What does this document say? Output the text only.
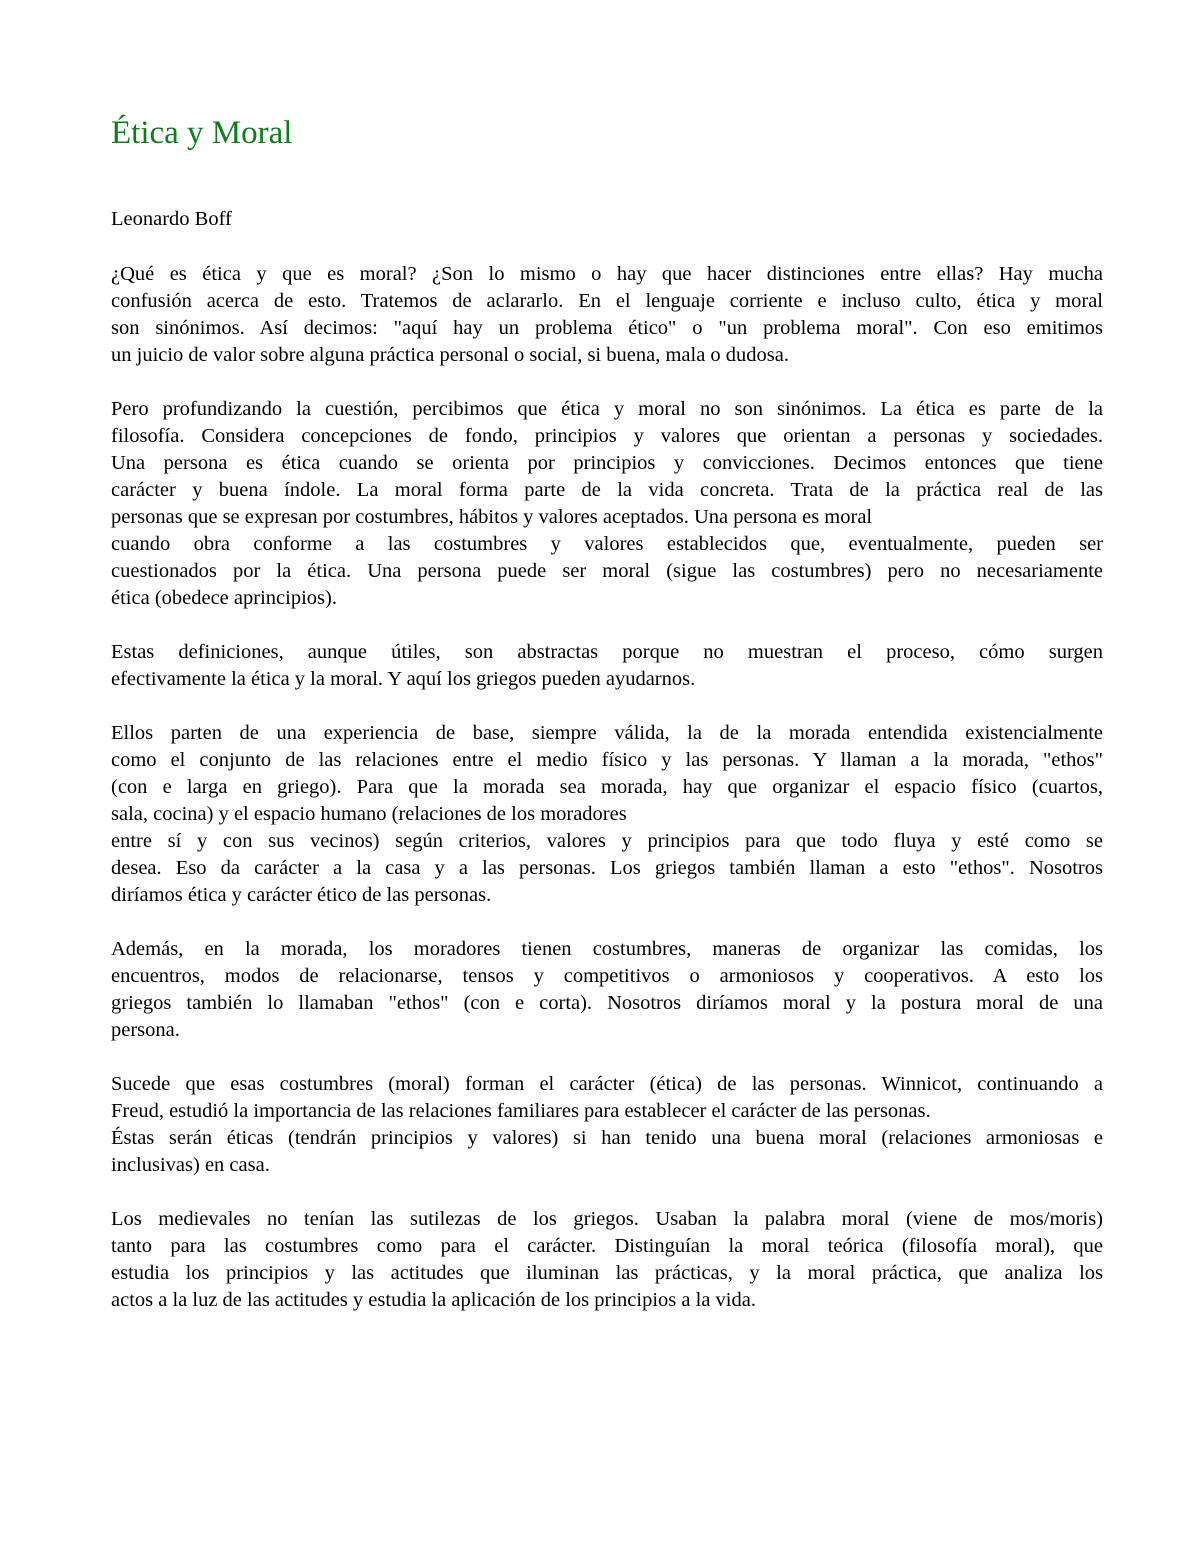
Ética y Moral

Leonardo Boff

¿Qué es ética y que es moral? ¿Son lo mismo o hay que hacer distinciones entre ellas? Hay mucha
confusión acerca de esto. Tratemos de aclararlo. En el lenguaje corriente e incluso culto, ética y moral
son sinónimos. Así decimos: "aquí hay un problema ético" o "un problema moral". Con eso emitimos
un juicio de valor sobre alguna práctica personal o social, si buena, mala o dudosa.

Pero profundizando la cuestión, percibimos que ética y moral no son sinónimos. La ética es parte de la
filosofía. Considera concepciones de fondo, principios y valores que orientan a personas y sociedades.
Una persona es ética cuando se orienta por principios y convicciones. Decimos entonces que tiene
carácter y buena índole. La moral forma parte de la vida concreta. Trata de la práctica real de las
personas que se expresan por costumbres, hábitos y valores aceptados. Una persona es moral
cuando obra conforme a las costumbres y valores establecidos que, eventualmente, pueden ser
cuestionados por la ética. Una persona puede ser moral (sigue las costumbres) pero no necesariamente
ética (obedece aprincipios).

Estas definiciones, aunque útiles, son abstractas porque no muestran el proceso, cómo surgen
efectivamente la ética y la moral. Y aquí los griegos pueden ayudarnos.

Ellos parten de una experiencia de base, siempre válida, la de la morada entendida existencialmente
como el conjunto de las relaciones entre el medio físico y las personas. Y llaman a la morada, "ethos"
(con e larga en griego). Para que la morada sea morada, hay que organizar el espacio físico (cuartos,
sala, cocina) y el espacio humano (relaciones de los moradores
entre sí y con sus vecinos) según criterios, valores y principios para que todo fluya y esté como se
desea. Eso da carácter a la casa y a las personas. Los griegos también llaman a esto "ethos". Nosotros
diríamos ética y carácter ético de las personas.

Además, en la morada, los moradores tienen costumbres, maneras de organizar las comidas, los
encuentros, modos de relacionarse, tensos y competitivos o armoniosos y cooperativos. A esto los
griegos también lo llamaban "ethos" (con e corta). Nosotros diríamos moral y la postura moral de una
persona.

Sucede que esas costumbres (moral) forman el carácter (ética) de las personas. Winnicot, continuando a
Freud, estudió la importancia de las relaciones familiares para establecer el carácter de las personas.
Éstas serán éticas (tendrán principios y valores) si han tenido una buena moral (relaciones armoniosas e
inclusivas) en casa.

Los medievales no tenían las sutilezas de los griegos. Usaban la palabra moral (viene de mos/moris)
tanto para las costumbres como para el carácter. Distinguían la moral teórica (filosofía moral), que
estudia los principios y las actitudes que iluminan las prácticas, y la moral práctica, que analiza los
actos a la luz de las actitudes y estudia la aplicación de los principios a la vida.
